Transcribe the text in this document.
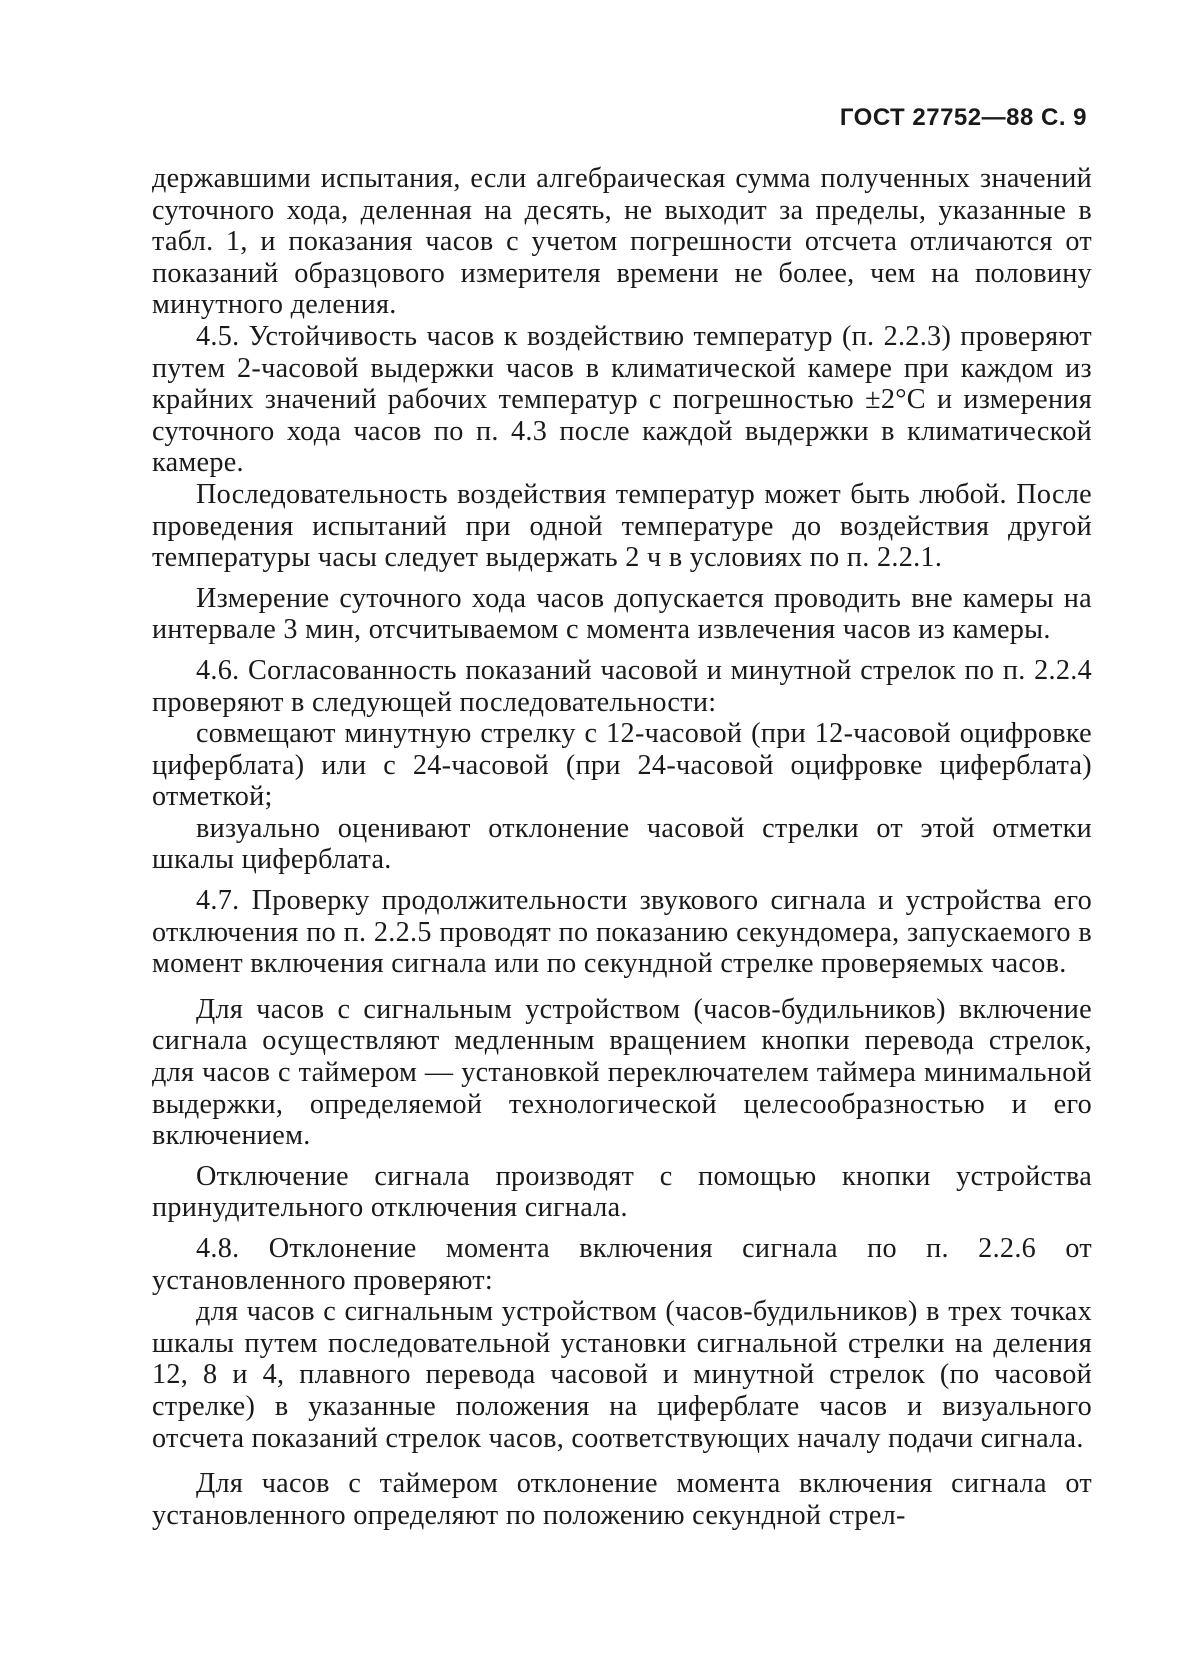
ГОСТ 27752—88 С. 9

державшими испытания, если алгебраическая сумма полученных значений суточного хода, деленная на десять, не выходит за пределы, указанные в табл. 1, и показания часов с учетом погрешности отсчета отличаются от показаний образцового измерителя времени не более, чем на половину минутного деления.

4.5. Устойчивость часов к воздействию температур (п. 2.2.3) проверяют путем 2-часовой выдержки часов в климатической камере при каждом из крайних значений рабочих температур с погрешностью ±2°С и измерения суточного хода часов по п. 4.3 после каждой выдержки в климатической камере.

Последовательность воздействия температур может быть любой. После проведения испытаний при одной температуре до воздействия другой температуры часы следует выдержать 2 ч в условиях по п. 2.2.1.

Измерение суточного хода часов допускается проводить вне камеры на интервале 3 мин, отсчитываемом с момента извлечения часов из камеры.

4.6. Согласованность показаний часовой и минутной стрелок по п. 2.2.4 проверяют в следующей последовательности:

совмещают минутную стрелку с 12-часовой (при 12-часовой оцифровке циферблата) или с 24-часовой (при 24-часовой оцифровке циферблата) отметкой;

визуально оценивают отклонение часовой стрелки от этой отметки шкалы циферблата.

4.7. Проверку продолжительности звукового сигнала и устройства его отключения по п. 2.2.5 проводят по показанию секундомера, запускаемого в момент включения сигнала или по секундной стрелке проверяемых часов.

Для часов с сигнальным устройством (часов-будильников) включение сигнала осуществляют медленным вращением кнопки перевода стрелок, для часов с таймером — установкой переключателем таймера минимальной выдержки, определяемой технологической целесообразностью и его включением.

Отключение сигнала производят с помощью кнопки устройства принудительного отключения сигнала.

4.8. Отклонение момента включения сигнала по п. 2.2.6 от установленного проверяют:

для часов с сигнальным устройством (часов-будильников) в трех точках шкалы путем последовательной установки сигнальной стрелки на деления 12, 8 и 4, плавного перевода часовой и минутной стрелок (по часовой стрелке) в указанные положения на циферблате часов и визуального отсчета показаний стрелок часов, соответствующих началу подачи сигнала.

Для часов с таймером отклонение момента включения сигнала от установленного определяют по положению секундной стрел-
